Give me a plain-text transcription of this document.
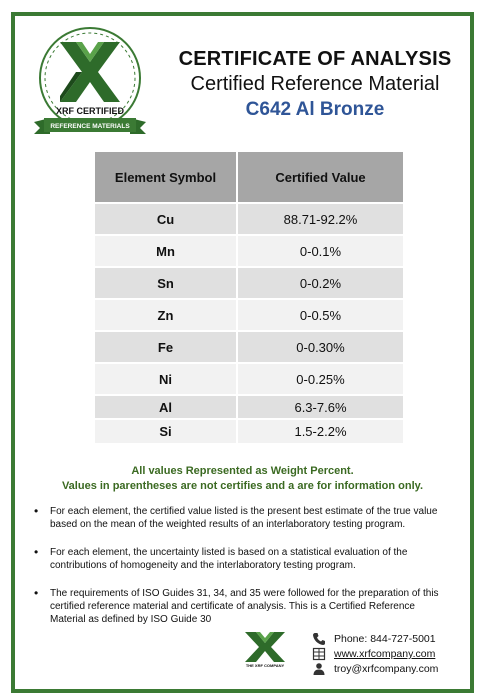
XRF CERTIFIED
REFERENCE MATERIALS
CERTIFICATE OF ANALYSIS
Certified Reference Material
C642 Al Bronze
Element Symbol	Certified Value
Cu	88.71-92.2%
Mn	0-0.1%
Sn	0-0.2%
Zn	0-0.5%
Fe	0-0.30%
Ni	0-0.25%
Al	6.3-7.6%
Si	1.5-2.2%
All values Represented as Weight Percent.
Values in parentheses are not certifies and a are for information only.
• For each element, the certified value listed is the present best estimate of the true value based on the mean of the weighted results of an interlaboratory testing program.
• For each element, the uncertainty listed is based on a statistical evaluation of the contributions of homogeneity and the interlaboratory testing program.
• The requirements of ISO Guides 31, 34, and 35 were followed for the preparation of this certified reference material and certificate of analysis. This is a Certified Reference Material as defined by ISO Guide 30
THE XRF COMPANY
Phone: 844-727-5001
www.xrfcompany.com
troy@xrfcompany.com
